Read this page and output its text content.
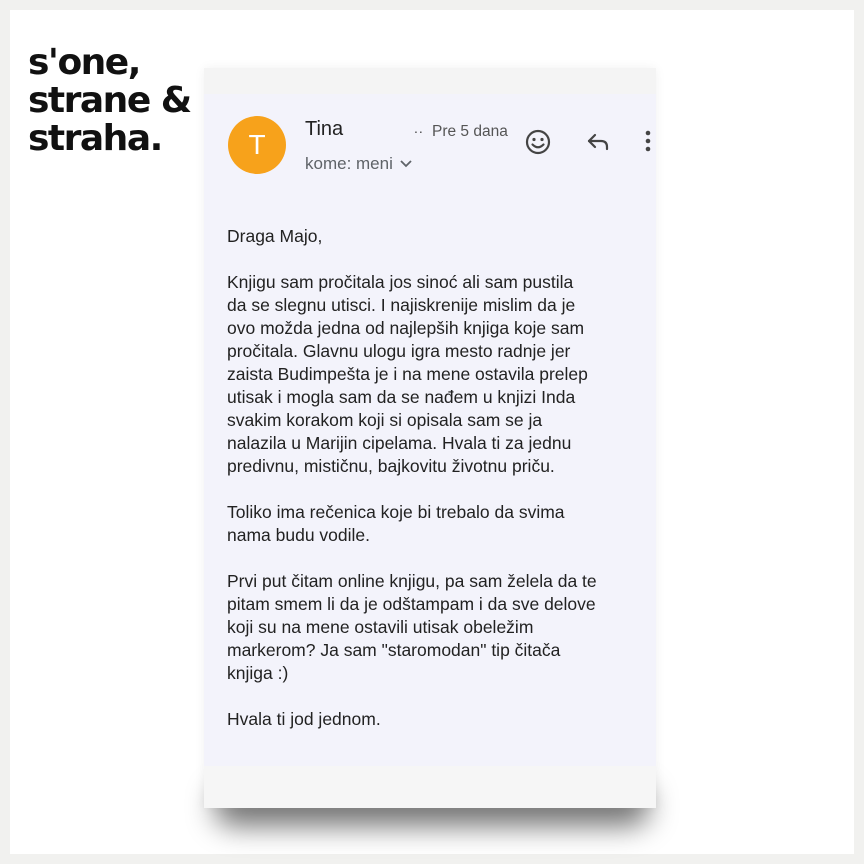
s'one,
strane &
straha.	T	Tina	.. Pre 5 dana
kome: meni

Draga Majo,

Knjigu sam pročitala jos sinoć ali sam pustila
da se slegnu utisci. I najiskrenije mislim da je
ovo možda jedna od najlepših knjiga koje sam
pročitala. Glavnu ulogu igra mesto radnje jer
zaista Budimpešta je i na mene ostavila prelep
utisak i mogla sam da se nađem u knjizi Inda
svakim korakom koji si opisala sam se ja
nalazila u Marijin cipelama. Hvala ti za jednu
predivnu, mističnu, bajkovitu životnu priču.

Toliko ima rečenica koje bi trebalo da svima
nama budu vodile.

Prvi put čitam online knjigu, pa sam želela da te
pitam smem li da je odštampam i da sve delove
koji su na mene ostavili utisak obeležim
markerom? Ja sam "staromodan" tip čitača
knjiga :)

Hvala ti jod jednom.
